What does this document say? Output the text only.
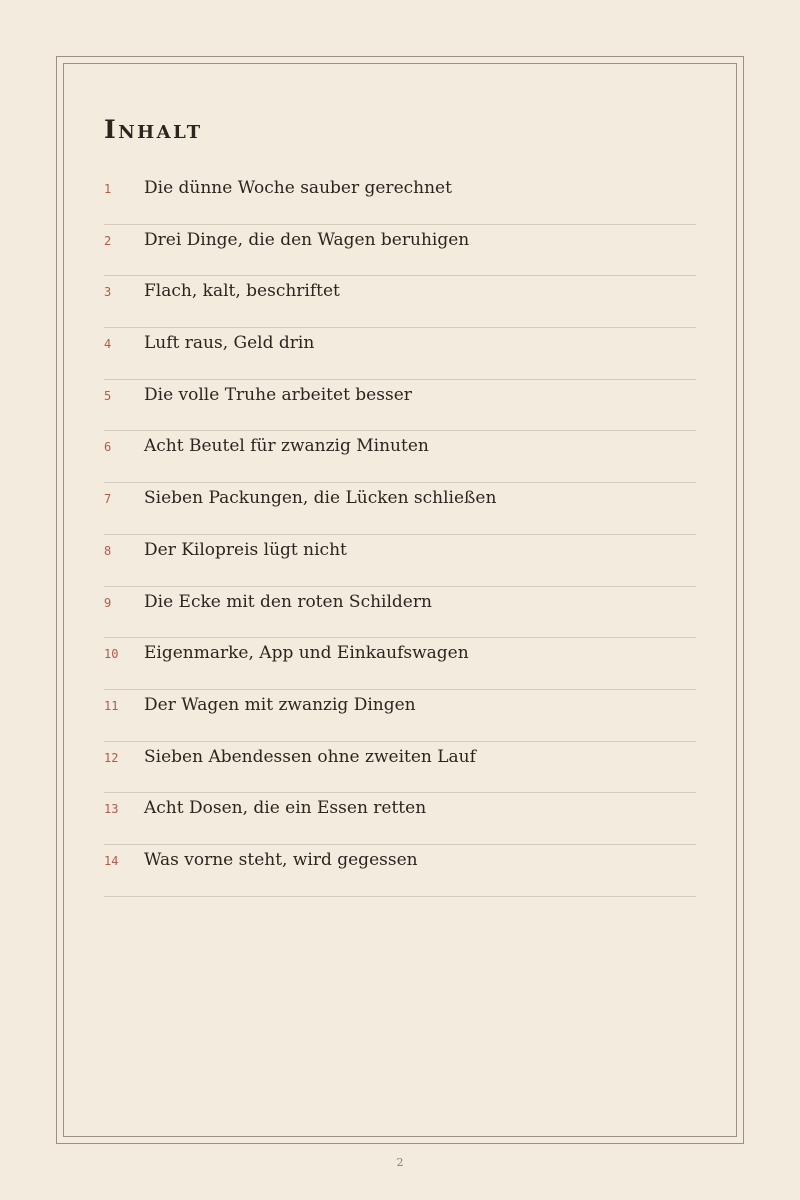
Inhalt
1 Die dünne Woche sauber gerechnet
2 Drei Dinge, die den Wagen beruhigen
3 Flach, kalt, beschriftet
4 Luft raus, Geld drin
5 Die volle Truhe arbeitet besser
6 Acht Beutel für zwanzig Minuten
7 Sieben Packungen, die Lücken schließen
8 Der Kilopreis lügt nicht
9 Die Ecke mit den roten Schildern
10 Eigenmarke, App und Einkaufswagen
11 Der Wagen mit zwanzig Dingen
12 Sieben Abendessen ohne zweiten Lauf
13 Acht Dosen, die ein Essen retten
14 Was vorne steht, wird gegessen
2
